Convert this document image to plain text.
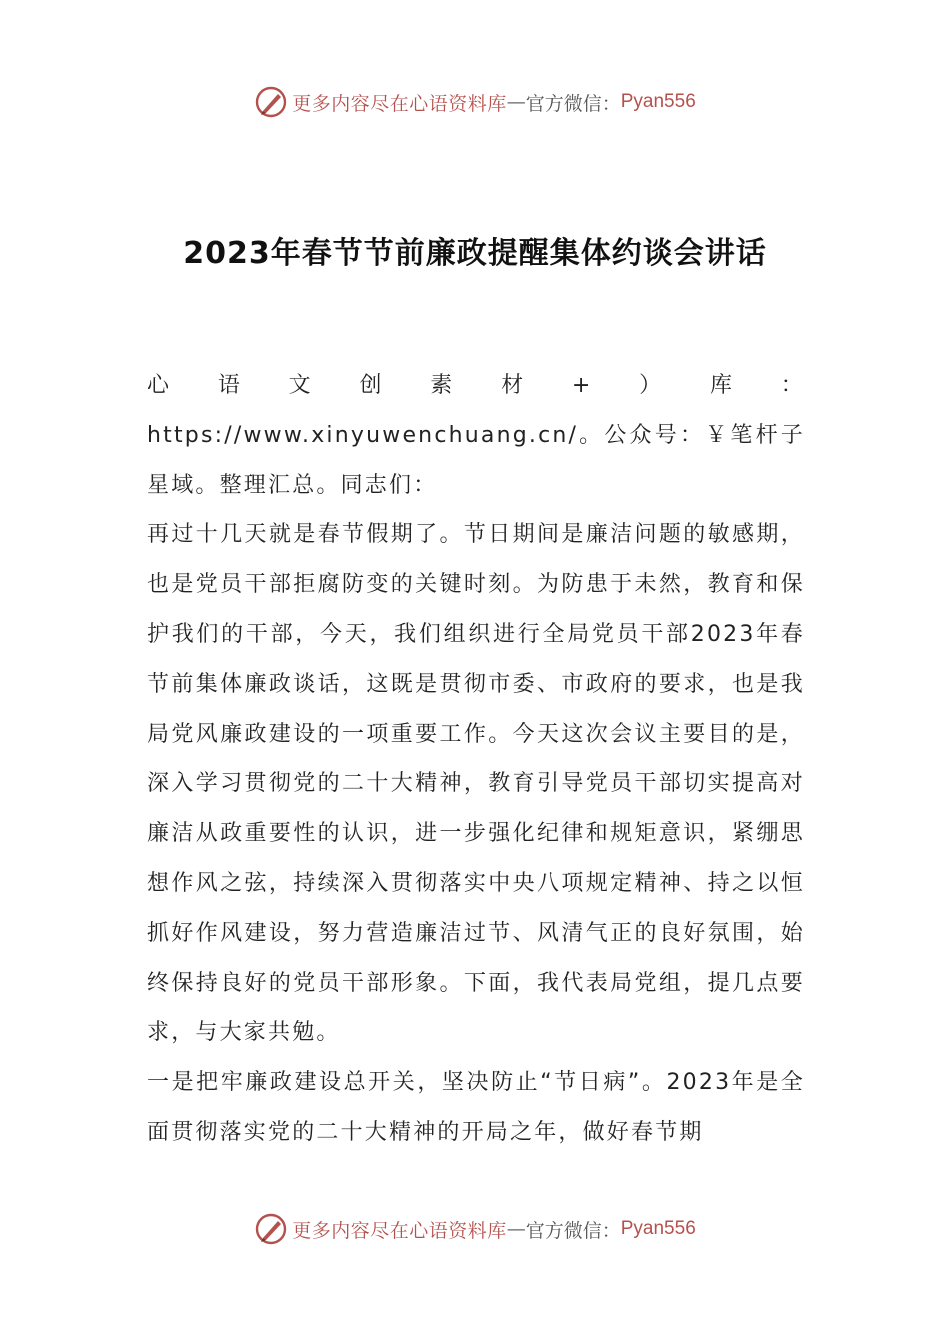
更多内容尽在心语资料库 — 官方微信： Pyan556
2023年春节节前廉政提醒集体约谈会讲话

心语文创素材+）库：https://www.xinyuwenchuang.cn/。公众号：￥笔杆子星域。整理汇总。同志们：

再过十几天就是春节假期了。节日期间是廉洁问题的敏感期，也是党员干部拒腐防变的关键时刻。为防患于未然，教育和保护我们的干部，今天，我们组织进行全局党员干部2023年春节前集体廉政谈话，这既是贯彻市委、市政府的要求，也是我局党风廉政建设的一项重要工作。今天这次会议主要目的是，深入学习贯彻党的二十大精神，教育引导党员干部切实提高对廉洁从政重要性的认识，进一步强化纪律和规矩意识，紧绷思想作风之弦，持续深入贯彻落实中央八项规定精神、持之以恒抓好作风建设，努力营造廉洁过节、风清气正的良好氛围，始终保持良好的党员干部形象。下面，我代表局党组，提几点要求，与大家共勉。

一是把牢廉政建设总开关，坚决防止“节日病”。2023年是全面贯彻落实党的二十大精神的开局之年，做好春节期

更多内容尽在心语资料库 — 官方微信： Pyan556
